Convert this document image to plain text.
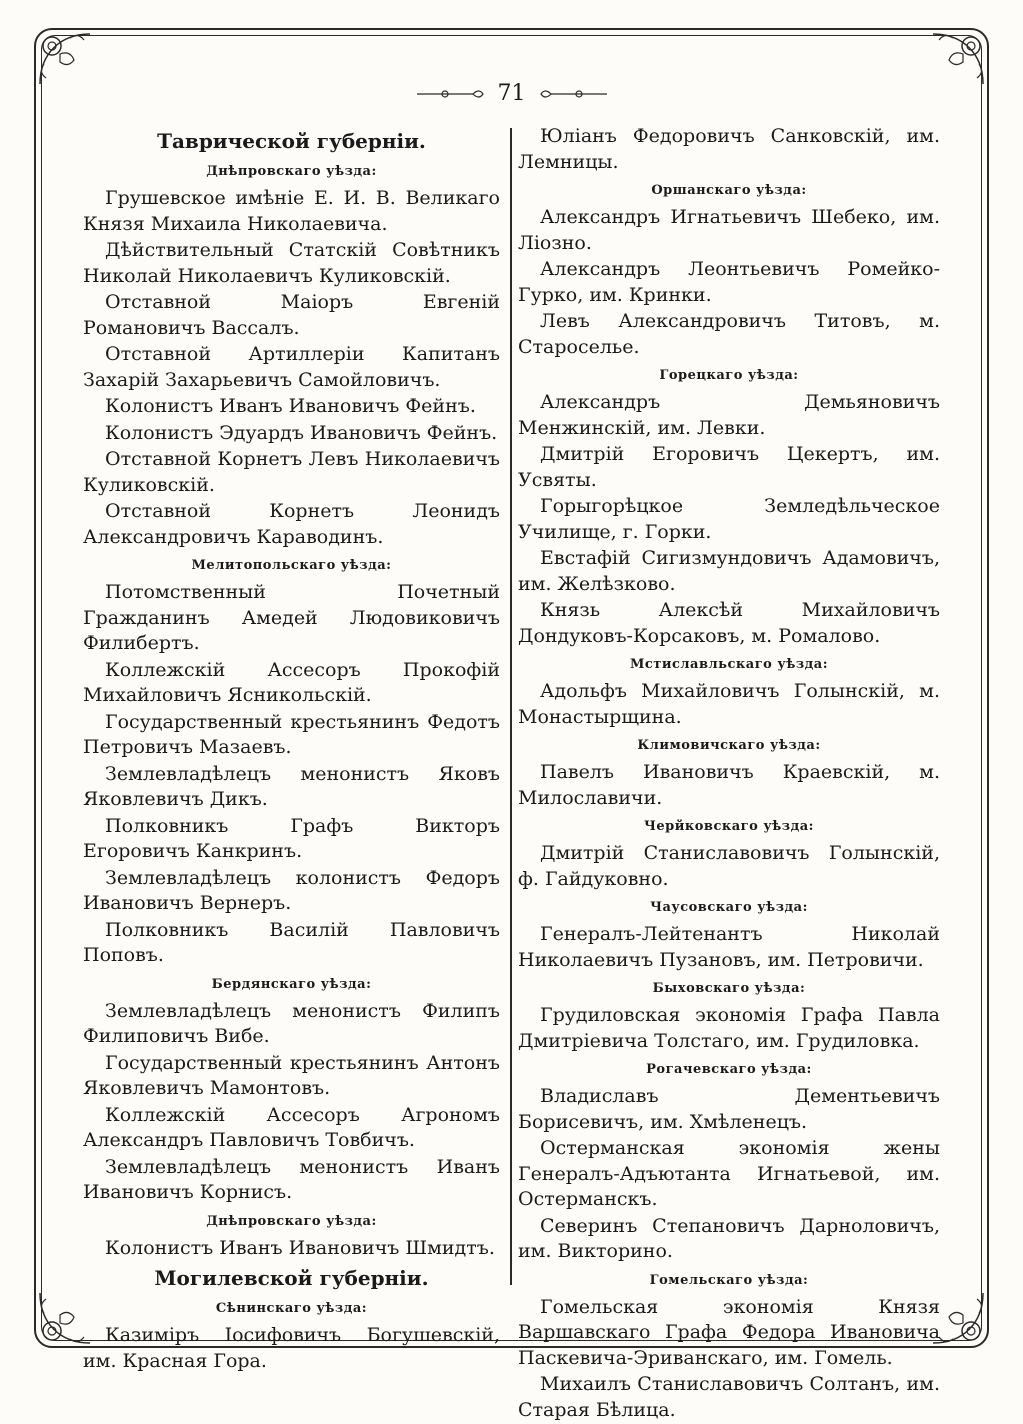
71
Таврической губерніи.
Днѣпровскаго уѣзда:
Грушевское имѣніе Е. И. В. Великаго Князя Михаила Николаевича.
Дѣйствительный Статскій Совѣтникъ Николай Николаевичъ Куликовскій.
Отставной Маіоръ Евгеній Романовичъ Вассалъ.
Отставной Артиллеріи Капитанъ Захарій Захарьевичъ Самойловичъ.
Колонистъ Иванъ Ивановичъ Фейнъ.
Колонистъ Эдуардъ Ивановичъ Фейнъ.
Отставной Корнетъ Левъ Николаевичъ Куликовскій.
Отставной Корнетъ Леонидъ Александровичъ Караводинъ.
Мелитопольскаго уѣзда:
Потомственный Почетный Гражданинъ Амедей Людовиковичъ Филибертъ.
Коллежскій Ассесоръ Прокофій Михайловичъ Ясникольскій.
Государственный крестьянинъ Федотъ Петровичъ Мазаевъ.
Землевладѣлецъ менонистъ Яковъ Яковлевичъ Дикъ.
Полковникъ Графъ Викторъ Егоровичъ Канкринъ.
Землевладѣлецъ колонистъ Федоръ Ивановичъ Вернеръ.
Полковникъ Василій Павловичъ Поповъ.
Бердянскаго уѣзда:
Землевладѣлецъ менонистъ Филипъ Филиповичъ Вибе.
Государственный крестьянинъ Антонъ Яковлевичъ Мамонтовъ.
Коллежскій Ассесоръ Агрономъ Александръ Павловичъ Товбичъ.
Землевладѣлецъ менонистъ Иванъ Ивановичъ Корнисъ.
Днѣпровскаго уѣзда:
Колонистъ Иванъ Ивановичъ Шмидтъ.
Могилевской губерніи.
Сѣнинскаго уѣзда:
Казиміръ Іосифовичъ Богушевскій, им. Красная Гора.
Юліанъ Федоровичъ Санковскій, им. Лемницы.
Оршанскаго уѣзда:
Александръ Игнатьевичъ Шебеко, им. Ліозно.
Александръ Леонтьевичъ Ромейко-Гурко, им. Кринки.
Левъ Александровичъ Титовъ, м. Староселье.
Горецкаго уѣзда:
Александръ Демьяновичъ Менжинскій, им. Левки.
Дмитрій Егоровичъ Цекертъ, им. Усвяты.
Горыгорѣцкое Земледѣльческое Училище, г. Горки.
Евстафій Сигизмундовичъ Адамовичъ, им. Желѣзково.
Князь Алексѣй Михайловичъ Дондуковъ-Корсаковъ, м. Ромалово.
Мстиславльскаго уѣзда:
Адольфъ Михайловичъ Голынскій, м. Монастырщина.
Климовичскаго уѣзда:
Павелъ Ивановичъ Краевскій, м. Милославичи.
Черйковскаго уѣзда:
Дмитрій Станиславовичъ Голынскій, ф. Гайдуковно.
Чаусовскаго уѣзда:
Генералъ-Лейтенантъ Николай Николаевичъ Пузановъ, им. Петровичи.
Быховскаго уѣзда:
Грудиловская экономія Графа Павла Дмитріевича Толстаго, им. Грудиловка.
Рогачевскаго уѣзда:
Владиславъ Дементьевичъ Борисевичъ, им. Хмѣленецъ.
Остерманская экономія жены Генералъ-Адъютанта Игнатьевой, им. Остерманскъ.
Северинъ Степановичъ Дарноловичъ, им. Викторино.
Гомельскаго уѣзда:
Гомельская экономія Князя Варшавскаго Графа Федора Ивановича Паскевича-Эриванскаго, им. Гомель.
Михаилъ Станиславовичъ Солтанъ, им. Старая Бѣлица.
